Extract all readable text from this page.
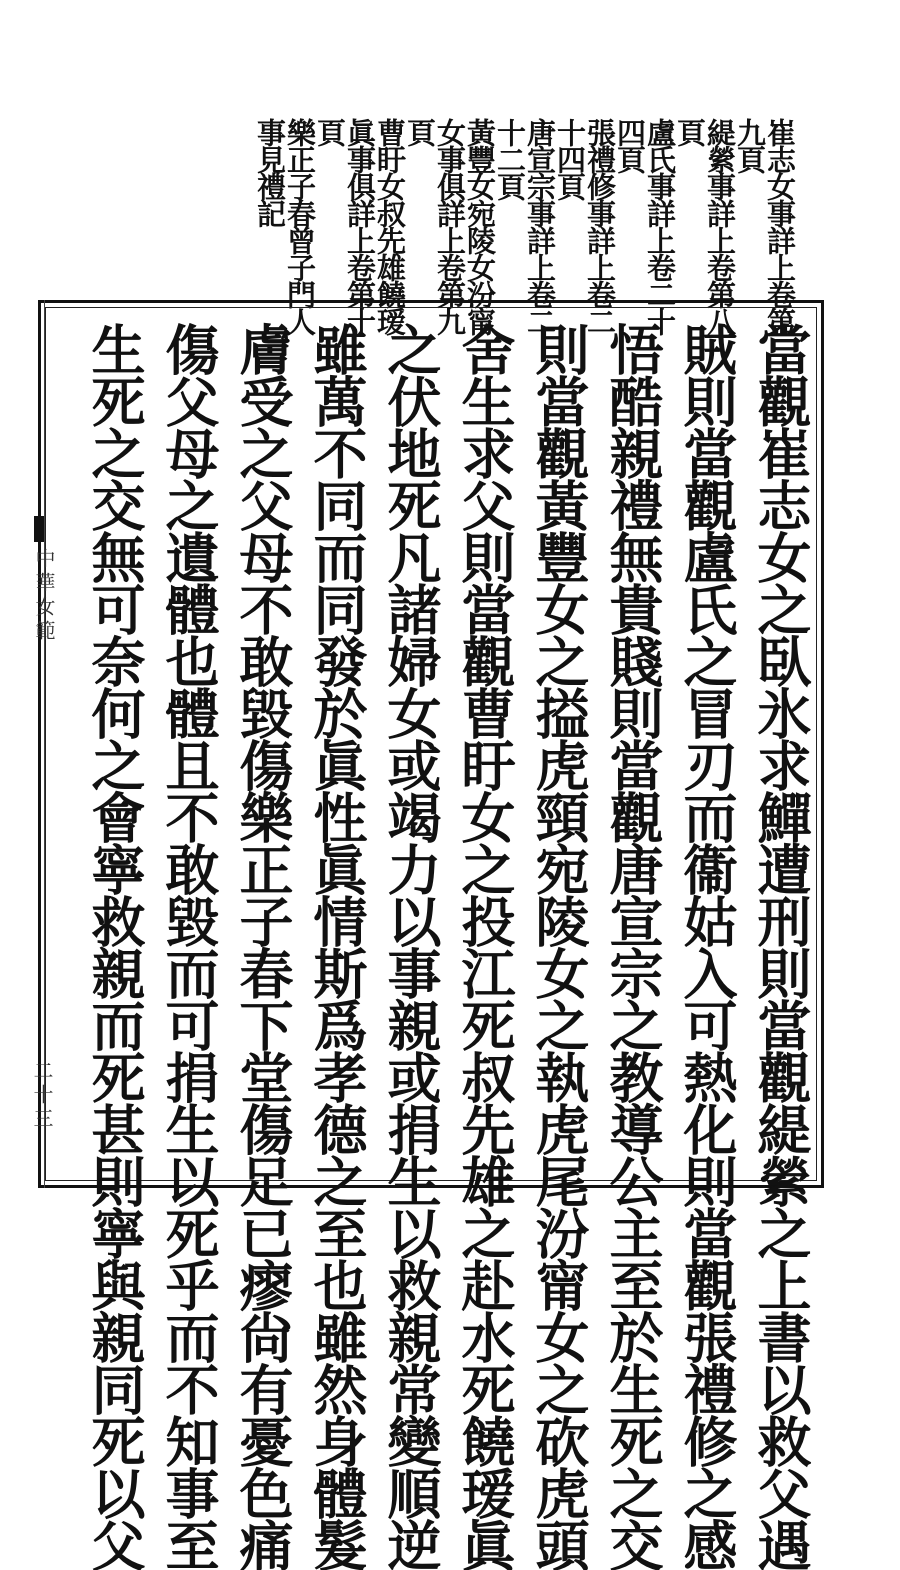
崔志女事詳上卷第
九頁
緹縈事詳上卷第八
頁
盧氏事詳上卷二十
四頁
張禮修事詳上卷二
十四頁
唐宣宗事詳上卷二
十二頁
黃豐女宛陵女汾甯
女事俱詳上卷第九
頁
曹盱女叔先雄饒瑷
眞事俱詳上卷第十
頁
樂正子春曾子門人
事見禮記
當觀崔志女之臥氷求鱓遭刑則當觀緹縈之上書以救父遇
賊則當觀盧氏之冒刃而衞姑入可熱化則當觀張禮修之感
悟酷親禮無貴賤則當觀唐宣宗之教導公主至於生死之交
則當觀黃豐女之搤虎頸宛陵女之執虎尾汾甯女之砍虎頭
舍生求父則當觀曹盱女之投江死叔先雄之赴水死饒瑷眞
之伏地死凡諸婦女或竭力以事親或捐生以救親常變順逆
雖萬不同而同發於眞性眞情斯爲孝德之至也雖然身體髮
膚受之父母不敢毀傷樂正子春下堂傷足已瘳尙有憂色痛
傷父母之遺體也體且不敢毀而可捐生以死乎而不知事至
生死之交無可奈何之會寧救親而死甚則寧與親同死以父
中華女範
二十三
